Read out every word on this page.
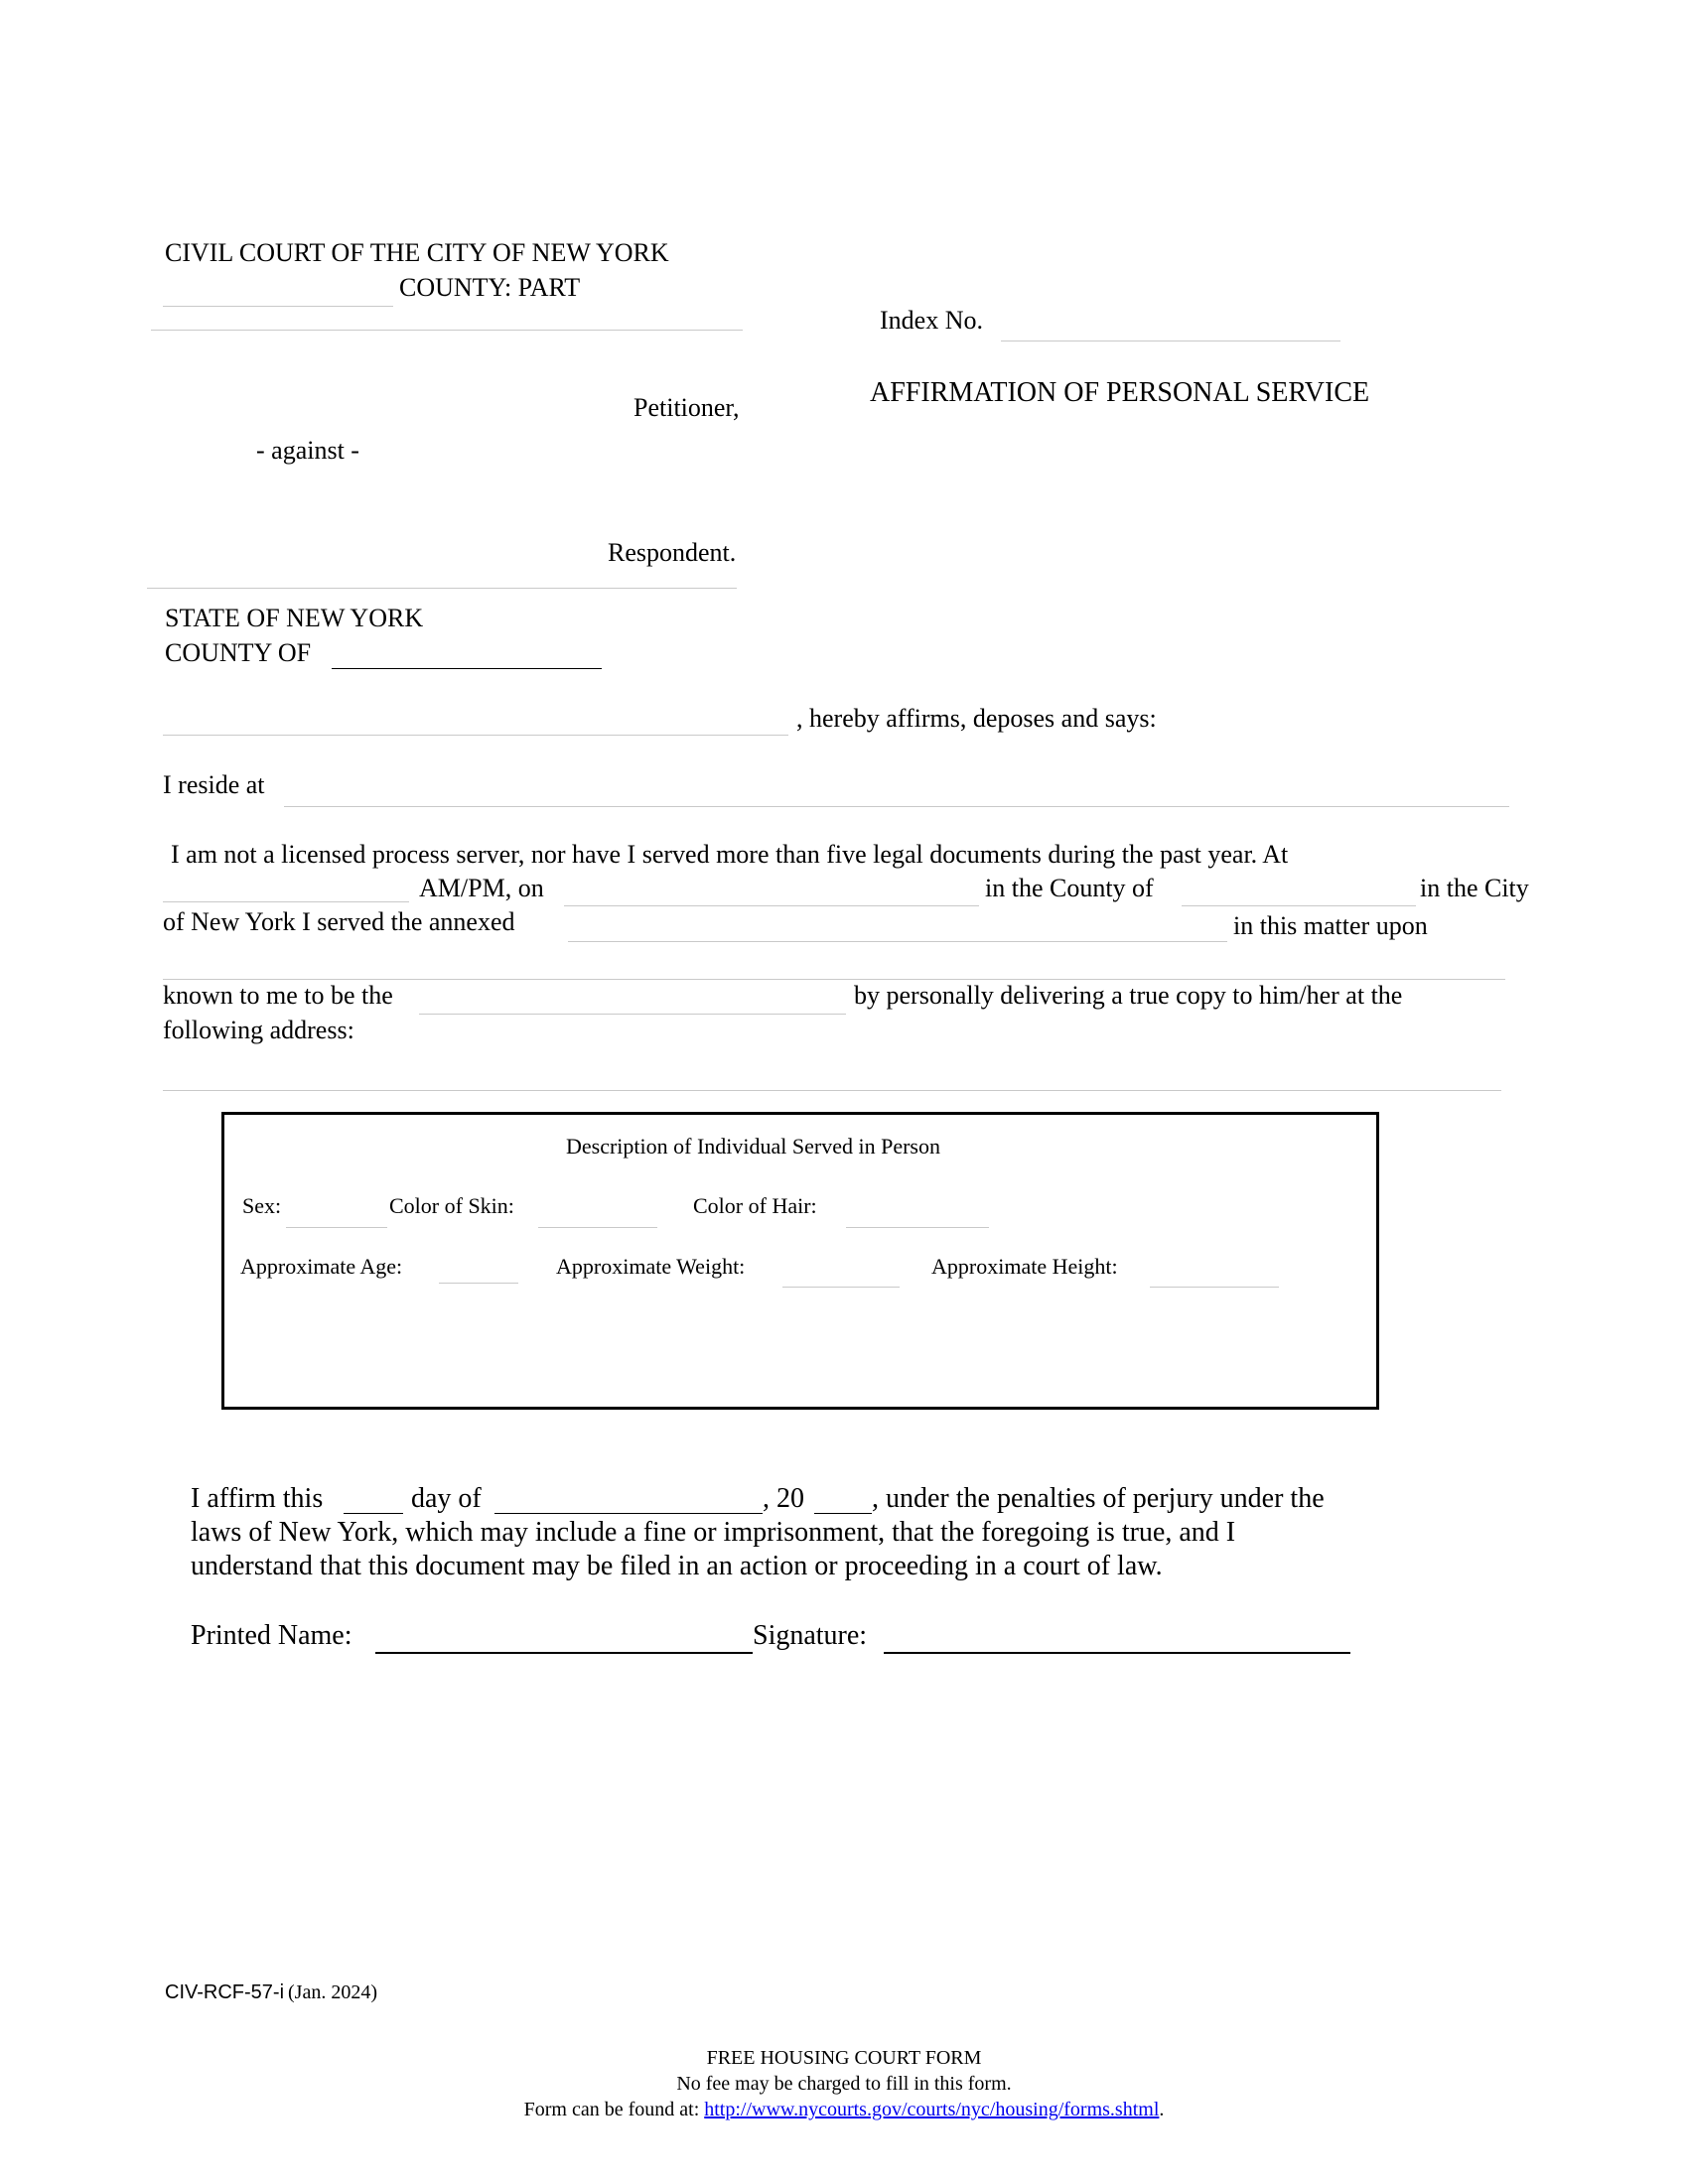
CIVIL COURT OF THE CITY OF NEW YORK
COUNTY: PART
Index No.
AFFIRMATION OF PERSONAL SERVICE
Petitioner,
- against -
Respondent.
STATE OF NEW YORK
COUNTY OF
, hereby affirms, deposes and says:
I reside at
I am not a licensed process server, nor have I served more than five legal documents during the past year. At
AM/PM, on	in the County of	in the City
of New York I served the annexed	in this matter upon
known to me to be the	by personally delivering a true copy to him/her at the
following address:
Description of Individual Served in Person
Sex:	Color of Skin:	Color of Hair:
Approximate Age:	Approximate Weight:	Approximate Height:
I affirm this	day of	, 20 , under the penalties of perjury under the
laws of New York, which may include a fine or imprisonment, that the foregoing is true, and I
understand that this document may be filed in an action or proceeding in a court of law.
Printed Name:	Signature:
CIV-RCF-57-i (Jan. 2024)
FREE HOUSING COURT FORM
No fee may be charged to fill in this form.
Form can be found at: http://www.nycourts.gov/courts/nyc/housing/forms.shtml.
